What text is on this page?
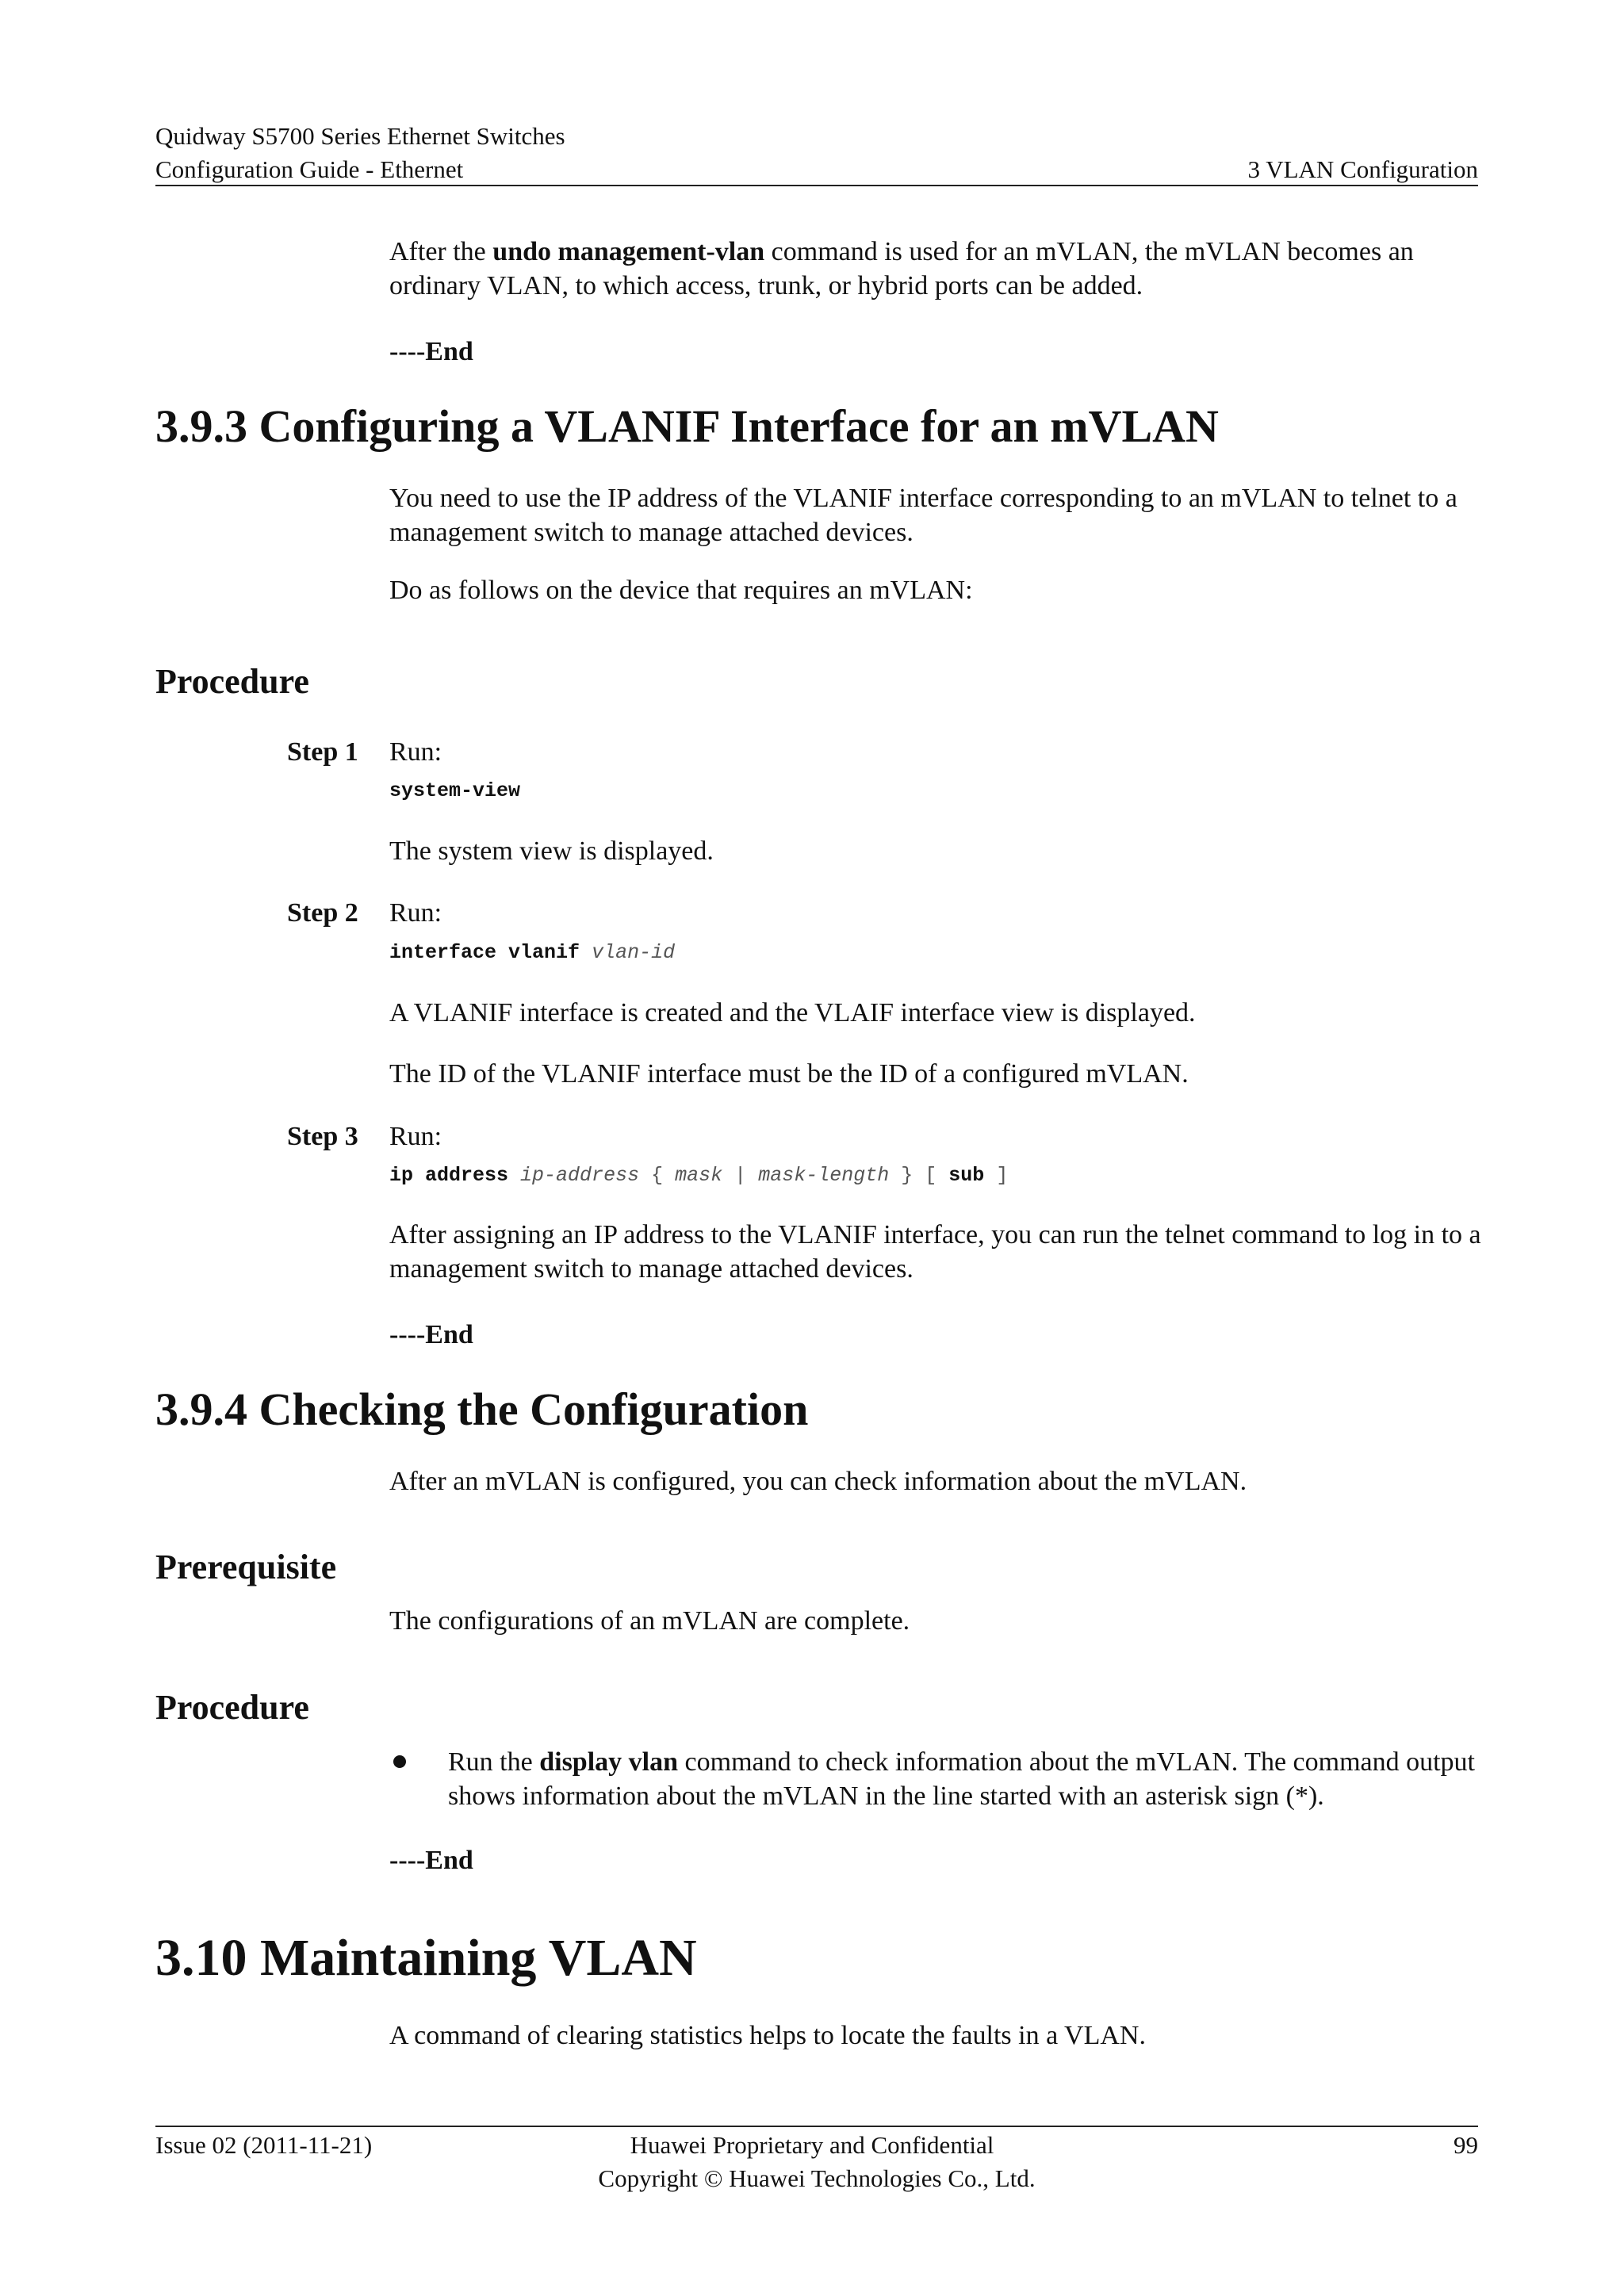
Quidway S5700 Series Ethernet Switches
Configuration Guide - Ethernet	3 VLAN Configuration
After the undo management-vlan command is used for an mVLAN, the mVLAN becomes an ordinary VLAN, to which access, trunk, or hybrid ports can be added.
----End
3.9.3 Configuring a VLANIF Interface for an mVLAN
You need to use the IP address of the VLANIF interface corresponding to an mVLAN to telnet to a management switch to manage attached devices.
Do as follows on the device that requires an mVLAN:
Procedure
Step 1 Run:
system-view
The system view is displayed.
Step 2 Run:
interface vlanif vlan-id
A VLANIF interface is created and the VLAIF interface view is displayed.
The ID of the VLANIF interface must be the ID of a configured mVLAN.
Step 3 Run:
ip address ip-address { mask | mask-length } [ sub ]
After assigning an IP address to the VLANIF interface, you can run the telnet command to log in to a management switch to manage attached devices.
----End
3.9.4 Checking the Configuration
After an mVLAN is configured, you can check information about the mVLAN.
Prerequisite
The configurations of an mVLAN are complete.
Procedure
Run the display vlan command to check information about the mVLAN. The command output shows information about the mVLAN in the line started with an asterisk sign (*).
----End
3.10 Maintaining VLAN
A command of clearing statistics helps to locate the faults in a VLAN.
Issue 02 (2011-11-21)	Huawei Proprietary and Confidential
Copyright © Huawei Technologies Co., Ltd.
99
